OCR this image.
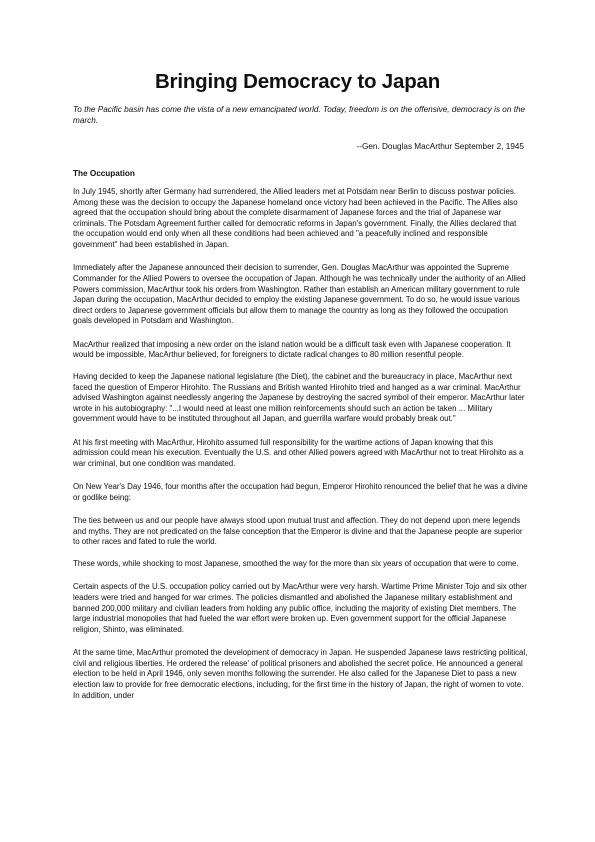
Bringing Democracy to Japan

To the Pacific basin has come the vista of a new emancipated world. Today, freedom is on the offensive, democracy is on the march.

--Gen. Douglas MacArthur September 2, 1945

The Occupation

In July 1945, shortly after Germany had surrendered, the Allied leaders met at Potsdam near Berlin to discuss postwar policies. Among these was the decision to occupy the Japanese homeland once victory had been achieved in the Pacific. The Allies also agreed that the occupation should bring about the complete disarmament of Japanese forces and the trial of Japanese war criminals. The Potsdam Agreement further called for democratic reforms in Japan's government. Finally, the Allies declared that the occupation would end only when all these conditions had been achieved and "a peacefully inclined and responsible government" had been established in Japan.

Immediately after the Japanese announced their decision to surrender, Gen. Douglas MacArthur was appointed the Supreme Commander for the Allied Powers to oversee the occupation of Japan. Although he was technically under the authority of an Allied Powers commission, MacArthur took his orders from Washington. Rather than establish an American military government to rule Japan during the occupation, MacArthur decided to employ the existing Japanese government. To do so, he would issue various direct orders to Japanese government officials but allow them to manage the country as long as they followed the occupation goals developed in Potsdam and Washington.

MacArthur realized that imposing a new order on the island nation would be a difficult task even with Japanese cooperation. It would be impossible, MacArthur believed, for foreigners to dictate radical changes to 80 million resentful people.

Having decided to keep the Japanese national legislature (the Diet), the cabinet and the bureaucracy in place, MacArthur next faced the question of Emperor Hirohito. The Russians and British wanted Hirohito tried and hanged as a war criminal. MacArthur advised Washington against needlessly angering the Japanese by destroying the sacred symbol of their emperor. MacArthur later wrote in his autobiography: "...I would need at least one million reinforcements should such an action be taken ... Military government would have to be instituted throughout all Japan, and guerrilla warfare would probably break out."

At his first meeting with MacArthur, Hirohito assumed full responsibility for the wartime actions of Japan knowing that this admission could mean his execution. Eventually the U.S. and other Allied powers agreed with MacArthur not to treat Hirohito as a war criminal, but one condition was mandated.

On New Year's Day 1946, four months after the occupation had begun, Emperor Hirohito renounced the belief that he was a divine or godlike being:

The ties between us and our people have always stood upon mutual trust and affection. They do not depend upon mere legends and myths. They are not predicated on the false conception that the Emperor is divine and that the Japanese people are superior to other races and fated to rule the world.

These words, while shocking to most Japanese, smoothed the way for the more than six years of occupation that were to come.

Certain aspects of the U.S. occupation policy carried out by MacArthur were very harsh. Wartime Prime Minister Tojo and six other leaders were tried and hanged for war crimes. The policies dismantled and abolished the Japanese military establishment and banned 200,000 military and civilian leaders from holding any public office, including the majority of existing Diet members. The large industrial monopolies that had fueled the war effort were broken up. Even government support for the official Japanese religion, Shinto, was eliminated.

At the same time, MacArthur promoted the development of democracy in Japan. He suspended Japanese laws restricting political, civil and religious liberties. He ordered the release' of political prisoners and abolished the secret police. He announced a general election to be held in April 1946, only seven months following the surrender. He also called for the Japanese Diet to pass a new election law to provide for free democratic elections, including, for the first time in the history of Japan, the right of women to vote. In addition, under
